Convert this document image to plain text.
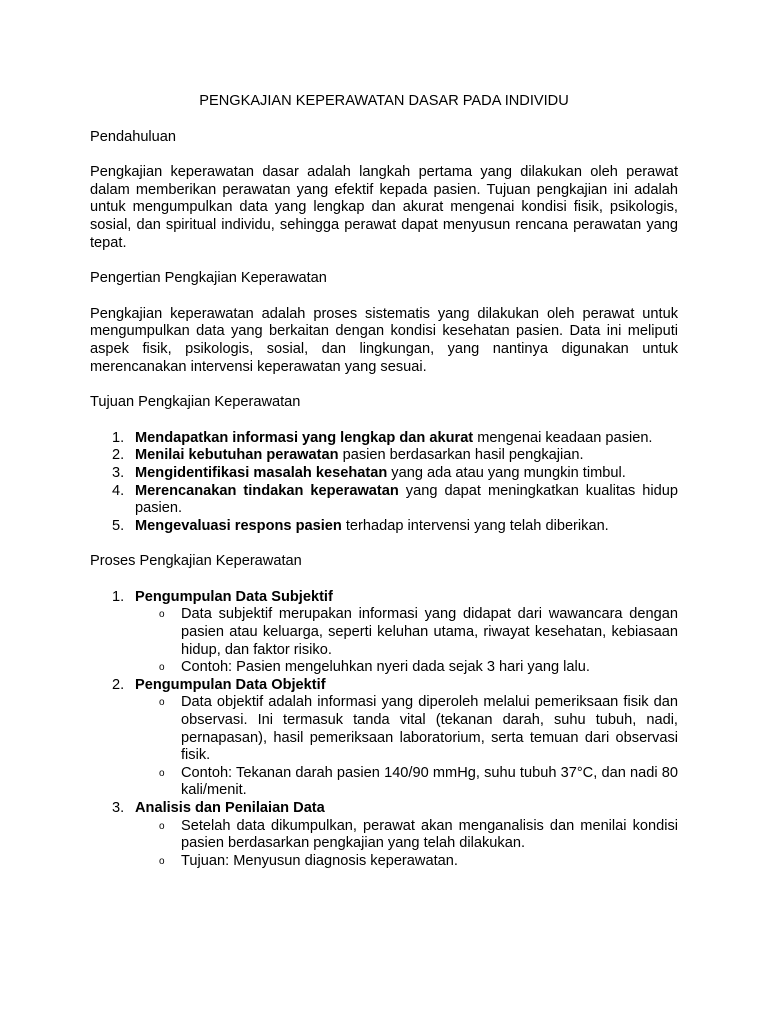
PENGKAJIAN KEPERAWATAN DASAR PADA INDIVIDU
Pendahuluan

Pengkajian keperawatan dasar adalah langkah pertama yang dilakukan oleh perawat dalam memberikan perawatan yang efektif kepada pasien. Tujuan pengkajian ini adalah untuk mengumpulkan data yang lengkap dan akurat mengenai kondisi fisik, psikologis, sosial, dan spiritual individu, sehingga perawat dapat menyusun rencana perawatan yang tepat.

Pengertian Pengkajian Keperawatan

Pengkajian keperawatan adalah proses sistematis yang dilakukan oleh perawat untuk mengumpulkan data yang berkaitan dengan kondisi kesehatan pasien. Data ini meliputi aspek fisik, psikologis, sosial, dan lingkungan, yang nantinya digunakan untuk merencanakan intervensi keperawatan yang sesuai.

Tujuan Pengkajian Keperawatan
1. Mendapatkan informasi yang lengkap dan akurat mengenai keadaan pasien.
2. Menilai kebutuhan perawatan pasien berdasarkan hasil pengkajian.
3. Mengidentifikasi masalah kesehatan yang ada atau yang mungkin timbul.
4. Merencanakan tindakan keperawatan yang dapat meningkatkan kualitas hidup pasien.
5. Mengevaluasi respons pasien terhadap intervensi yang telah diberikan.
Proses Pengkajian Keperawatan
1. Pengumpulan Data Subjektif
o Data subjektif merupakan informasi yang didapat dari wawancara dengan pasien atau keluarga, seperti keluhan utama, riwayat kesehatan, kebiasaan hidup, dan faktor risiko.
o Contoh: Pasien mengeluhkan nyeri dada sejak 3 hari yang lalu.
2. Pengumpulan Data Objektif
o Data objektif adalah informasi yang diperoleh melalui pemeriksaan fisik dan observasi. Ini termasuk tanda vital (tekanan darah, suhu tubuh, nadi, pernapasan), hasil pemeriksaan laboratorium, serta temuan dari observasi fisik.
o Contoh: Tekanan darah pasien 140/90 mmHg, suhu tubuh 37°C, dan nadi 80 kali/menit.
3. Analisis dan Penilaian Data
o Setelah data dikumpulkan, perawat akan menganalisis dan menilai kondisi pasien berdasarkan pengkajian yang telah dilakukan.
o Tujuan: Menyusun diagnosis keperawatan.
